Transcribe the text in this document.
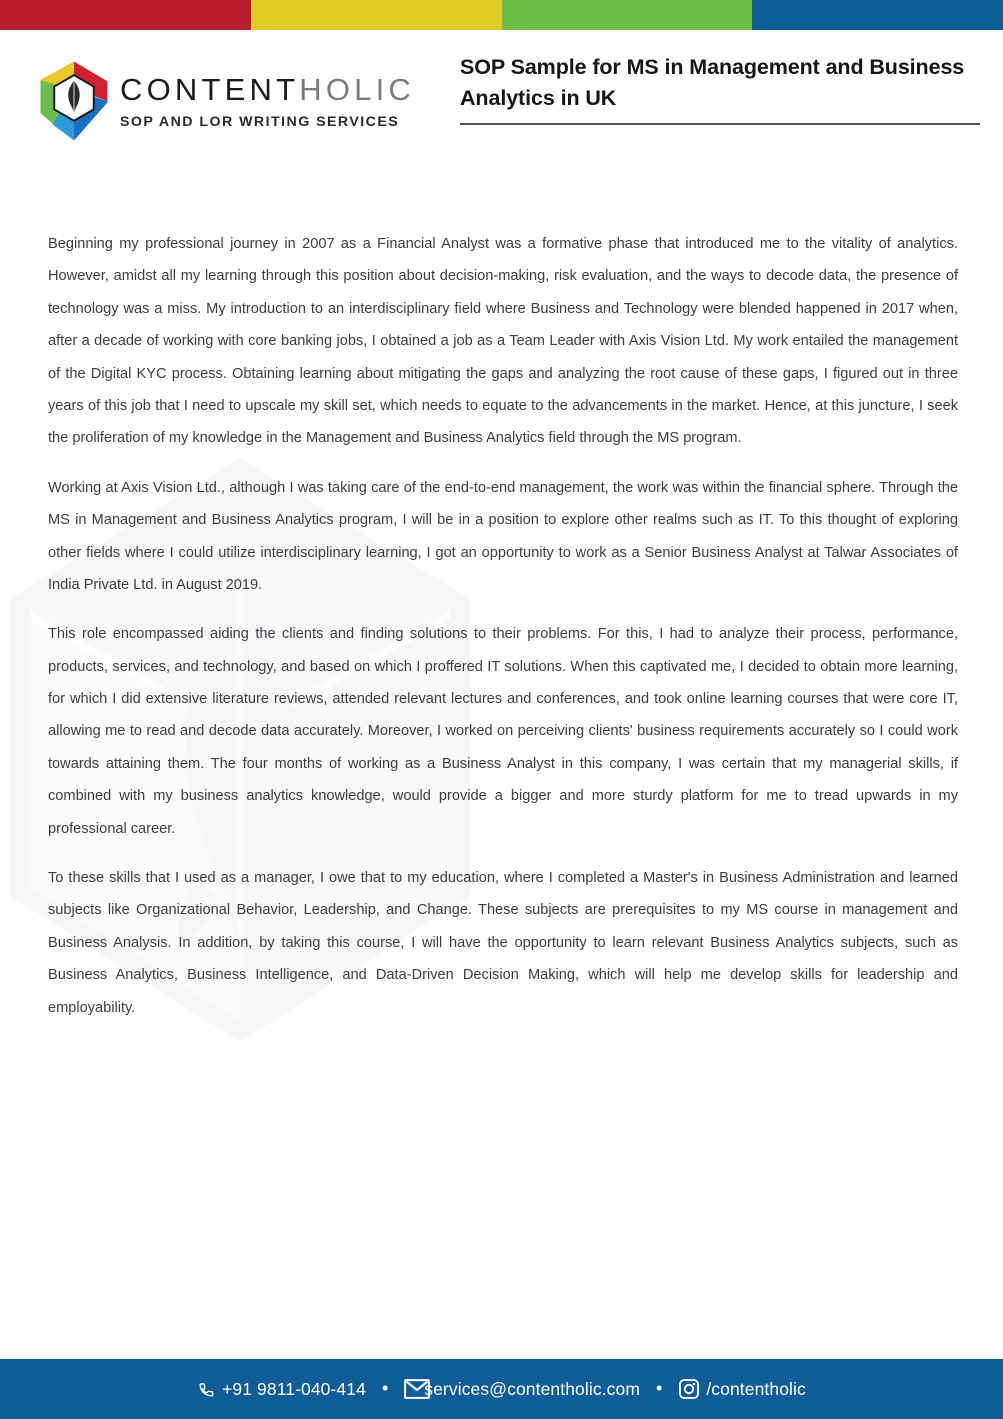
CONTENTHOLIC
SOP AND LOR WRITING SERVICES
SOP Sample for MS in Management and Business Analytics in UK

Beginning my professional journey in 2007 as a Financial Analyst was a formative phase that introduced me to the vitality of analytics. However, amidst all my learning through this position about decision-making, risk evaluation, and the ways to decode data, the presence of technology was a miss. My introduction to an interdisciplinary field where Business and Technology were blended happened in 2017 when, after a decade of working with core banking jobs, I obtained a job as a Team Leader with Axis Vision Ltd. My work entailed the management of the Digital KYC process. Obtaining learning about mitigating the gaps and analyzing the root cause of these gaps, I figured out in three years of this job that I need to upscale my skill set, which needs to equate to the advancements in the market. Hence, at this juncture, I seek the proliferation of my knowledge in the Management and Business Analytics field through the MS program.

Working at Axis Vision Ltd., although I was taking care of the end-to-end management, the work was within the financial sphere. Through the MS in Management and Business Analytics program, I will be in a position to explore other realms such as IT. To this thought of exploring other fields where I could utilize interdisciplinary learning, I got an opportunity to work as a Senior Business Analyst at Talwar Associates of India Private Ltd. in August 2019.

This role encompassed aiding the clients and finding solutions to their problems. For this, I had to analyze their process, performance, products, services, and technology, and based on which I proffered IT solutions. When this captivated me, I decided to obtain more learning, for which I did extensive literature reviews, attended relevant lectures and conferences, and took online learning courses that were core IT, allowing me to read and decode data accurately. Moreover, I worked on perceiving clients' business requirements accurately so I could work towards attaining them. The four months of working as a Business Analyst in this company, I was certain that my managerial skills, if combined with my business analytics knowledge, would provide a bigger and more sturdy platform for me to tread upwards in my professional career.

To these skills that I used as a manager, I owe that to my education, where I completed a Master's in Business Administration and learned subjects like Organizational Behavior, Leadership, and Change. These subjects are prerequisites to my MS course in management and Business Analysis. In addition, by taking this course, I will have the opportunity to learn relevant Business Analytics subjects, such as Business Analytics, Business Intelligence, and Data-Driven Decision Making, which will help me develop skills for leadership and employability.

+91 9811-040-414 •	services@contentholic.com •	/contentholic
